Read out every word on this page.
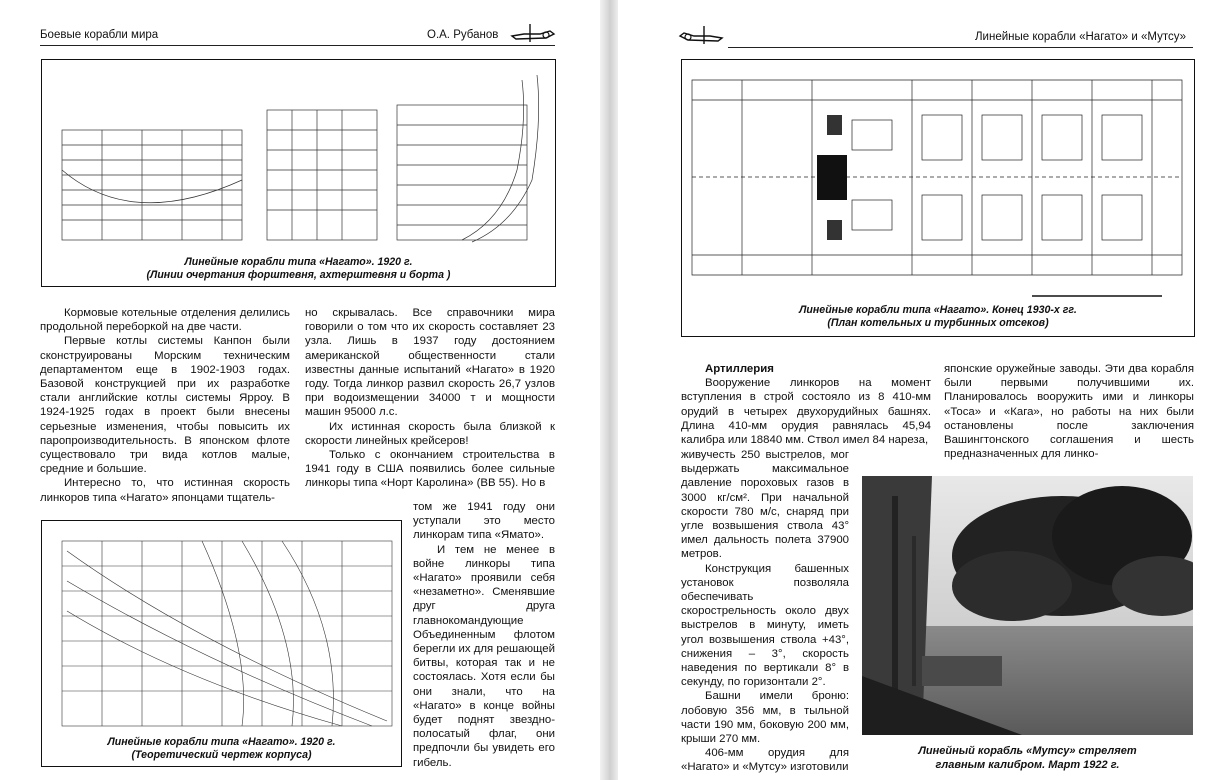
Боевые корабли мира	О.А. Рубанов
Линейные корабли типа «Нагато». 1920 г.
(Линии очертания форштевня, ахтерштевня и борта )

Кормовые котельные отделения делились продольной переборкой на две части.

Первые котлы системы Канпон были сконструированы Морским техническим департаментом еще в 1902-1903 годах. Базовой конструкцией при их разработке стали английские котлы системы Ярроу. В 1924-1925 годах в проект были внесены серьезные изменения, чтобы повысить их паропроизводительность. В японском флоте существовало три вида котлов малые, средние и большие.

Интересно то, что истинная скорость линкоров типа «Нагато» японцами тщатель-

но скрывалась. Все справочники мира говорили о том что их скорость составляет 23 узла. Лишь в 1937 году достоянием американской общественности стали известны данные испытаний «Нагато» в 1920 году. Тогда линкор развил скорость 26,7 узлов при водоизмещении 34000 т и мощности машин 95000 л.с.

Их истинная скорость была близкой к скорости линейных крейсеров!

Только с окончанием строительства в 1941 году в США появились более сильные линкоры типа «Норт Каролина» (ВВ 55). Но в

том же 1941 году они уступали это место линкорам типа «Ямато».

И тем не менее в войне линкоры типа «Нагато» проявили себя «незаметно». Сменявшие друг друга главнокомандующие Объединенным флотом берегли их для решающей битвы, которая так и не состоялась. Хотя если бы они знали, что на «Нагато» в конце войны будет поднят звездно-полосатый флаг, они предпочли бы увидеть его гибель.

Линейные корабли типа «Нагато». 1920 г.
(Теоретический чертеж корпуса)
Линейные корабли «Нагато» и «Мутсу»
Линейные корабли типа «Нагато». Конец 1930-х гг.
(План котельных и турбинных отсеков)

Артиллерия

Вооружение линкоров на момент вступления в строй состояло из 8 410-мм орудий в четырех двухорудийных башнях. Длина 410-мм орудия равнялась 45,94 калибра или 18840 мм. Ствол имел 84 нареза,

живучесть 250 выстрелов, мог выдержать максимальное давление пороховых газов в 3000 кг/см². При начальной скорости 780 м/с, снаряд при угле возвышения ствола 43° имел дальность полета 37900 метров.

Конструкция башенных установок позволяла обеспечивать скорострельность около двух выстрелов в минуту, иметь угол возвышения ствола +43°, снижения – 3°, скорость наведения по вертикали 8° в секунду, по горизонтали 2°.

Башни имели броню: лобовую 356 мм, в тыльной части 190 мм, боковую 200 мм, крыши 270 мм.

406-мм орудия для «Нагато» и «Мутсу» изготовили

японские оружейные заводы. Эти два корабля были первыми получившими их. Планировалось вооружить ими и линкоры «Тоса» и «Кага», но работы на них были остановлены после заключения Вашингтонского соглашения и шесть предназначенных для линко-

Линейный корабль «Мутсу» стреляет
главным калибром. Март 1922 г.
